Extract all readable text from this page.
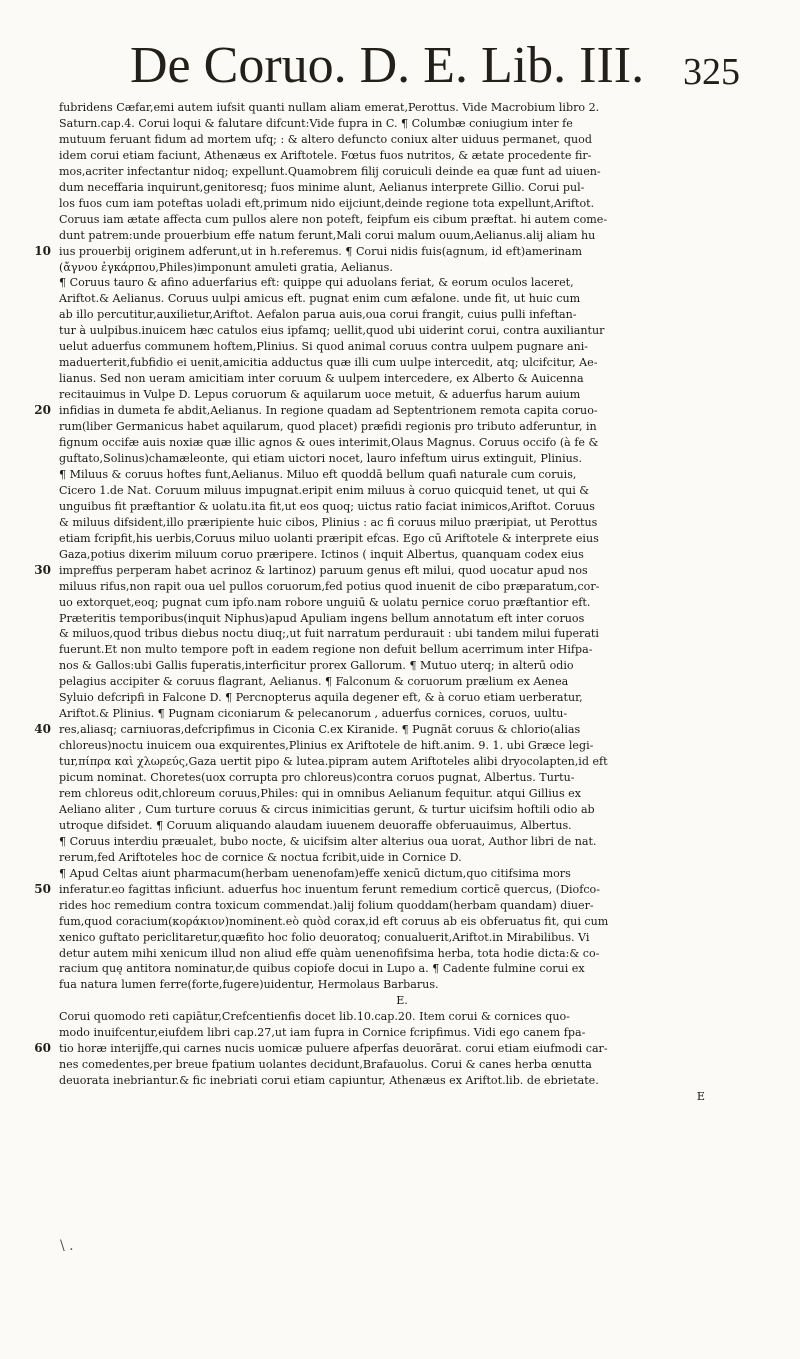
De Coruo. D. E. Lib. III. 325
fubridens Cæfar,emi autem iufsit quanti nullam aliam emerat,Perottus. Vide Macrobium libro 2.
Saturn.cap.4. Corui loqui & falutare difcunt:Vide fupra in C. ¶ Columbæ coniugium inter fe
mutuum feruant fidum ad mortem ufq; : & altero defuncto coniux alter uiduus permanet, quod
idem corui etiam faciunt, Athenæus ex Ariftotele. Fœtus fuos nutritos, & ætate procedente fir-
mos,acriter infectantur nidoq; expellunt.Quamobrem filij coruiculi deinde ea quæ funt ad uiuen-
dum neceffaria inquirunt,genitoresq; fuos minime alunt, Aelianus interprete Gillio. Corui pul-
los fuos cum iam poteftas uoladi eft,primum nido eijciunt,deinde regione tota expellunt,Ariftot.
Coruus iam ætate affecta cum pullos alere non poteft, feipfum eis cibum præftat. hi autem come-
dunt patrem:unde prouerbium effe natum ferunt,Mali corui malum ouum,Aelianus.alij aliam hu
ius prouerbij originem adferunt,ut in h.referemus. ¶ Corui nidis fuis(agnum, id eft)amerinam
10
(ἄγνου ἐγκάρπου,Philes)imponunt amuleti gratia, Aelianus.
¶ Coruus tauro & afino aduerfarius eft: quippe qui aduolans feriat, & eorum oculos laceret,
Ariftot.& Aelianus. Coruus uulpi amicus eft. pugnat enim cum æfalone. unde fit, ut huic cum
ab illo percutitur,auxilietur,Ariftot. Aefalon parua auis,oua corui frangit, cuius pulli infeftan-
tur à uulpibus.inuicem hæc catulos eius ipfamq; uellit,quod ubi uiderint corui, contra auxiliantur
uelut aduerfus communem hoftem,Plinius. Si quod animal coruus contra uulpem pugnare ani-
maduerterit,fubfidio ei uenit,amicitia adductus quæ illi cum uulpe intercedit, atq; ulcifcitur, Ae-
lianus. Sed non ueram amicitiam inter coruum & uulpem intercedere, ex Alberto & Auicenna
recitauimus in Vulpe D. Lepus coruorum & aquilarum uoce metuit, & aduerfus harum auium
infidias in dumeta fe abdit,Aelianus. In regione quadam ad Septentrionem remota capita coruo-
20
rum(liber Germanicus habet aquilarum, quod placet) præfidi regionis pro tributo adferuntur, in
fignum occifæ auis noxiæ quæ illic agnos & oues interimit,Olaus Magnus. Coruus occifo (à fe &
guftato,Solinus)chamæleonte, qui etiam uictori nocet, lauro infeftum uirus extinguit, Plinius.
¶ Miluus & coruus hoftes funt,Aelianus. Miluo eft quoddā bellum quafi naturale cum coruis,
Cicero 1.de Nat. Coruum miluus impugnat.eripit enim miluus à coruo quicquid tenet, ut qui &
unguibus fit præftantior & uolatu.ita fit,ut eos quoq; uictus ratio faciat inimicos,Ariftot. Coruus
& miluus difsident,illo præripiente huic cibos, Plinius : ac fi coruus miluo præripiat, ut Perottus
etiam fcripfit,his uerbis,Coruus miluo uolanti præripit efcas. Ego cū Ariftotele & interprete eius
Gaza,potius dixerim miluum coruo præripere. Ictinos ( inquit Albertus, quanquam codex eius
impreffus perperam habet acrinoz & lartinoz) paruum genus eft milui, quod uocatur apud nos
30
miluus rifus,non rapit oua uel pullos coruorum,fed potius quod inuenit de cibo præparatum,cor-
uo extorquet,eoq; pugnat cum ipfo.nam robore unguiū & uolatu pernice coruo præftantior eft.
Præteritis temporibus(inquit Niphus)apud Apuliam ingens bellum annotatum eft inter coruos
& miluos,quod tribus diebus noctu diuq;,ut fuit narratum perdurauit : ubi tandem milui fuperati
fuerunt.Et non multo tempore poft in eadem regione non defuit bellum acerrimum inter Hifpa-
nos & Gallos:ubi Gallis fuperatis,interficitur prorex Gallorum. ¶ Mutuo uterq; in alterū odio
pelagius accipiter & coruus flagrant, Aelianus. ¶ Falconum & coruorum prælium ex Aenea
Syluio defcripfi in Falcone D. ¶ Percnopterus aquila degener eft, & à coruo etiam uerberatur,
Ariftot.& Plinius. ¶ Pugnam ciconiarum & pelecanorum , aduerfus cornices, coruos, uultu-
res,aliasq; carniuoras,defcripfimus in Ciconia C.ex Kiranide. ¶ Pugnāt coruus & chlorio(alias
40
chloreus)noctu inuicem oua exquirentes,Plinius ex Ariftotele de hift.anim. 9. 1. ubi Græce legi-
tur,πίπρα καὶ χλωρεύς,Gaza uertit pipo & lutea.pipram autem Ariftoteles alibi dryocolapten,id eft
picum nominat. Choretes(uox corrupta pro chloreus)contra coruos pugnat, Albertus. Turtu-
rem chloreus odit,chloreum coruus,Philes: qui in omnibus Aelianum fequitur. atqui Gillius ex
Aeliano aliter , Cum turture coruus & circus inimicitias gerunt, & turtur uicifsim hoftili odio ab
utroque difsidet. ¶ Coruum aliquando alaudam iuuenem deuoraffe obferuauimus, Albertus.
¶ Coruus interdiu præualet, bubo nocte, & uicifsim alter alterius oua uorat, Author libri de nat.
rerum,fed Ariftoteles hoc de cornice & noctua fcribit,uide in Cornice D.
¶ Apud Celtas aiunt pharmacum(herbam uenenofam)effe xenicū dictum,quo citifsima mors
inferatur.eo fagittas inficiunt. aduerfus hoc inuentum ferunt remedium corticē quercus, (Diofco-
50
rides hoc remedium contra toxicum commendat.)alij folium quoddam(herbam quandam) diuer-
fum,quod coracium(κοράκιον)nominent.eò quòd corax,id eft coruus ab eis obferuatus fit, qui cum
xenico guftato periclitaretur,quæfito hoc folio deuoratoq; conualuerit,Ariftot.in Mirabilibus. Vi
detur autem mihi xenicum illud non aliud effe quàm uenenofifsima herba, tota hodie dicta:& co-
racium quę antitora nominatur,de quibus copiofe docui in Lupo a. ¶ Cadente fulmine corui ex
fua natura lumen ferre(forte,fugere)uidentur, Hermolaus Barbarus.
E.
Corui quomodo reti capiātur,Crefcentienfis docet lib.10.cap.20. Item corui & cornices quo-
modo inuifcentur,eiufdem libri cap.27,ut iam fupra in Cornice fcripfimus. Vidi ego canem fpa-
tio horæ interijffe,qui carnes nucis uomicæ puluere afperfas deuorārat. corui etiam eiufmodi car-
60
nes comedentes,per breue fpatium uolantes decidunt,Brafauolus. Corui & canes herba œnutta
deuorata inebriantur.& fic inebriati corui etiam capiuntur, Athenæus ex Ariftot.lib. de ebrietate.
E
\ .
